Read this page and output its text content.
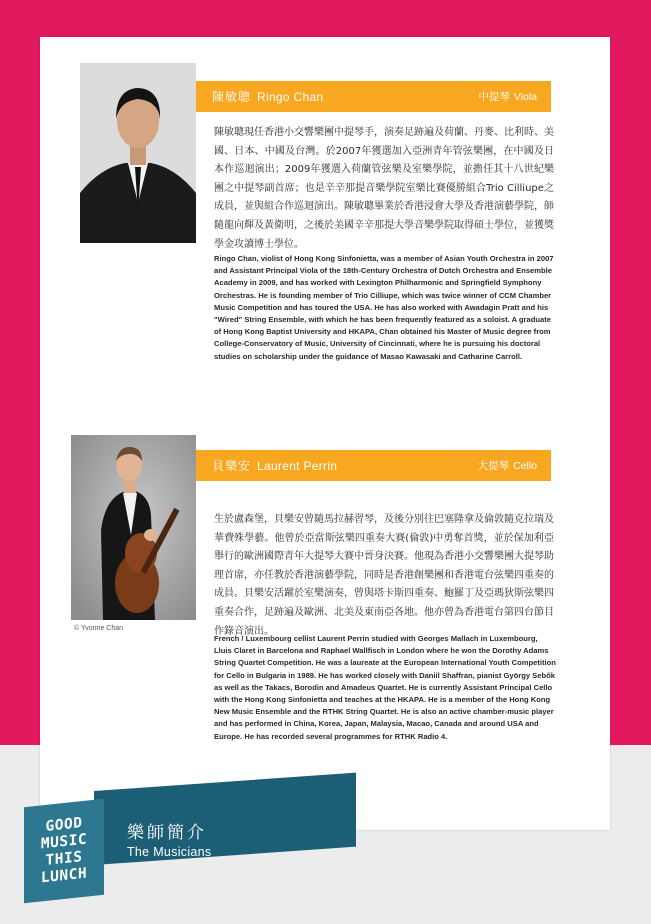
陳敏聰 Ringo Chan	中提琴 Viola
陳敏聰現任香港小交響樂團中提琴手，演奏足跡遍及荷蘭、丹麥、比利時、美國、日本、中國及台灣。於2007年獲選加入亞洲青年管弦樂團，在中國及日本作巡迴演出；2009年獲選入荷蘭管弦樂及室樂學院，並擔任其十八世紀樂團之中提琴副首席；也是辛辛那提音樂學院室樂比賽優勝組合Trio Cilliupe之成員，並與組合作巡迴演出。陳敏聰畢業於香港浸會大學及香港演藝學院，師隨龍向輝及黃衛明，之後於美國辛辛那提大學音樂學院取得碩士學位，並獲獎學金攻讀博士學位。
Ringo Chan, violist of Hong Kong Sinfonietta, was a member of Asian Youth Orchestra in 2007 and Assistant Principal Viola of the 18th-Century Orchestra of Dutch Orchestra and Ensemble Academy in 2009, and has worked with Lexington Philharmonic and Springfield Symphony Orchestras. He is founding member of Trio Cilliupe, which was twice winner of CCM Chamber Music Competition and has toured the USA. He has also worked with Awadagin Pratt and his "Wired" String Ensemble, with which he has been frequently featured as a soloist. A graduate of Hong Kong Baptist University and HKAPA, Chan obtained his Master of Music degree from College-Conservatory of Music, University of Cincinnati, where he is pursuing his doctoral studies on scholarship under the guidance of Masao Kawasaki and Catharine Carroll.
© Yvonne Chan
貝樂安 Laurent Perrin	大提琴 Cello
生於盧森堡，貝樂安曾隨馬拉赫習琴，及後分別往巴塞隆拿及倫敦隨克拉瑞及華費殊學藝。他曾於亞當斯弦樂四重奏大賽(倫敦)中勇奪首獎，並於保加利亞舉行的歐洲國際青年大提琴大賽中晉身決賽。他現為香港小交響樂團大提琴助理首席，亦任教於香港演藝學院，同時是香港創樂團和香港電台弦樂四重奏的成員。貝樂安活躍於室樂演奏，曾與塔卡斯四重奏、鮑羅丁及亞瑪狄斯弦樂四重奏合作，足跡遍及歐洲、北美及東南亞各地。他亦曾為香港電台第四台節目作錄音演出。
French / Luxembourg cellist Laurent Perrin studied with Georges Mallach in Luxembourg, Lluis Claret in Barcelona and Raphael Wallfisch in London where he won the Dorothy Adams String Quartet Competition. He was a laureate at the European International Youth Competition for Cello in Bulgaria in 1989. He has worked closely with Daniil Shaffran, pianist György Sebők as well as the Takacs, Borodin and Amadeus Quartet. He is currently Assistant Principal Cello with the Hong Kong Sinfonietta and teaches at the HKAPA. He is a member of the Hong Kong New Music Ensemble and the RTHK String Quartet. He is also an active chamber-music player and has performed in China, Korea, Japan, Malaysia, Macao, Canada and around USA and Europe. He has recorded several programmes for RTHK Radio 4.
GOOD
MUSIC
THIS
LUNCH
樂師簡介
The Musicians
